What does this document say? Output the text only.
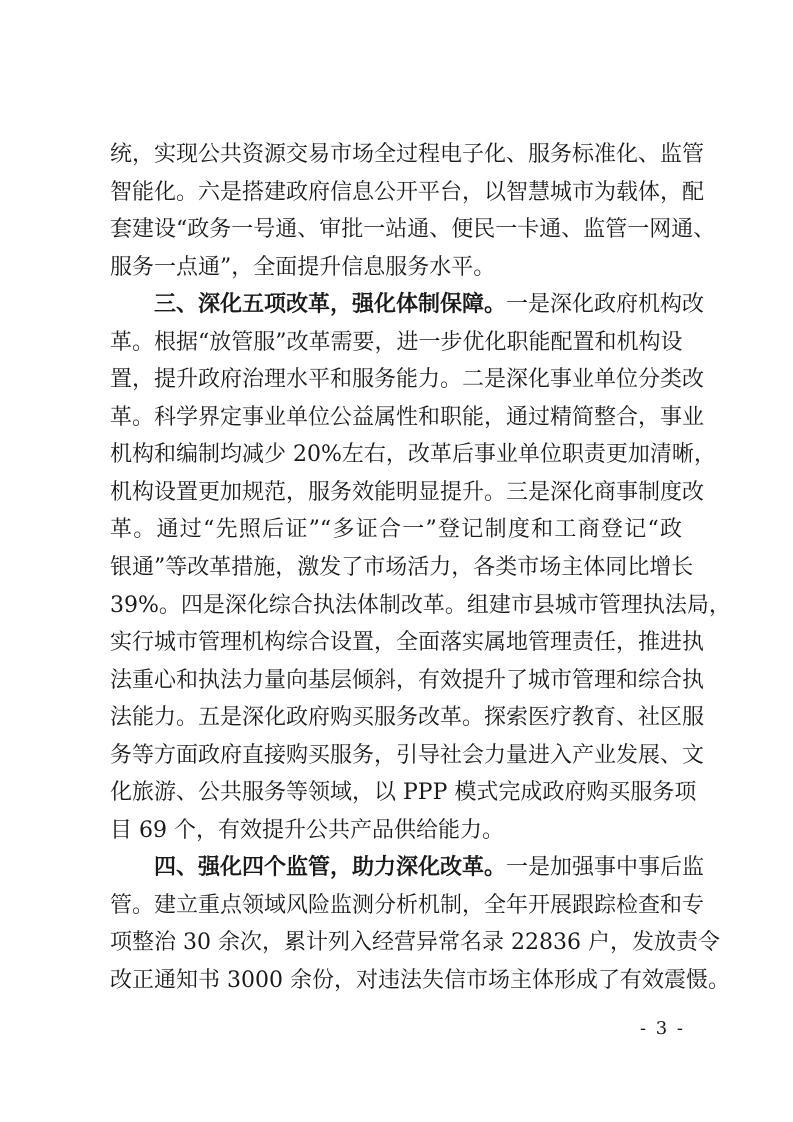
统，实现公共资源交易市场全过程电子化、服务标准化、监管
智能化。六是搭建政府信息公开平台，以智慧城市为载体，配
套建设“政务一号通、审批一站通、便民一卡通、监管一网通、
服务一点通”，全面提升信息服务水平。
三、深化五项改革，强化体制保障。一是深化政府机构改
革。根据“放管服”改革需要，进一步优化职能配置和机构设
置，提升政府治理水平和服务能力。二是深化事业单位分类改
革。科学界定事业单位公益属性和职能，通过精简整合，事业
机构和编制均减少 20%左右，改革后事业单位职责更加清晰，
机构设置更加规范，服务效能明显提升。三是深化商事制度改
革。通过“先照后证”“多证合一”登记制度和工商登记“政
银通”等改革措施，激发了市场活力，各类市场主体同比增长
39%。四是深化综合执法体制改革。组建市县城市管理执法局，
实行城市管理机构综合设置，全面落实属地管理责任，推进执
法重心和执法力量向基层倾斜，有效提升了城市管理和综合执
法能力。五是深化政府购买服务改革。探索医疗教育、社区服
务等方面政府直接购买服务，引导社会力量进入产业发展、文
化旅游、公共服务等领域，以 PPP 模式完成政府购买服务项
目 69 个，有效提升公共产品供给能力。
四、强化四个监管，助力深化改革。一是加强事中事后监
管。建立重点领域风险监测分析机制，全年开展跟踪检查和专
项整治 30 余次，累计列入经营异常名录 22836 户，发放责令
改正通知书 3000 余份，对违法失信市场主体形成了有效震慑。
- 3 -
